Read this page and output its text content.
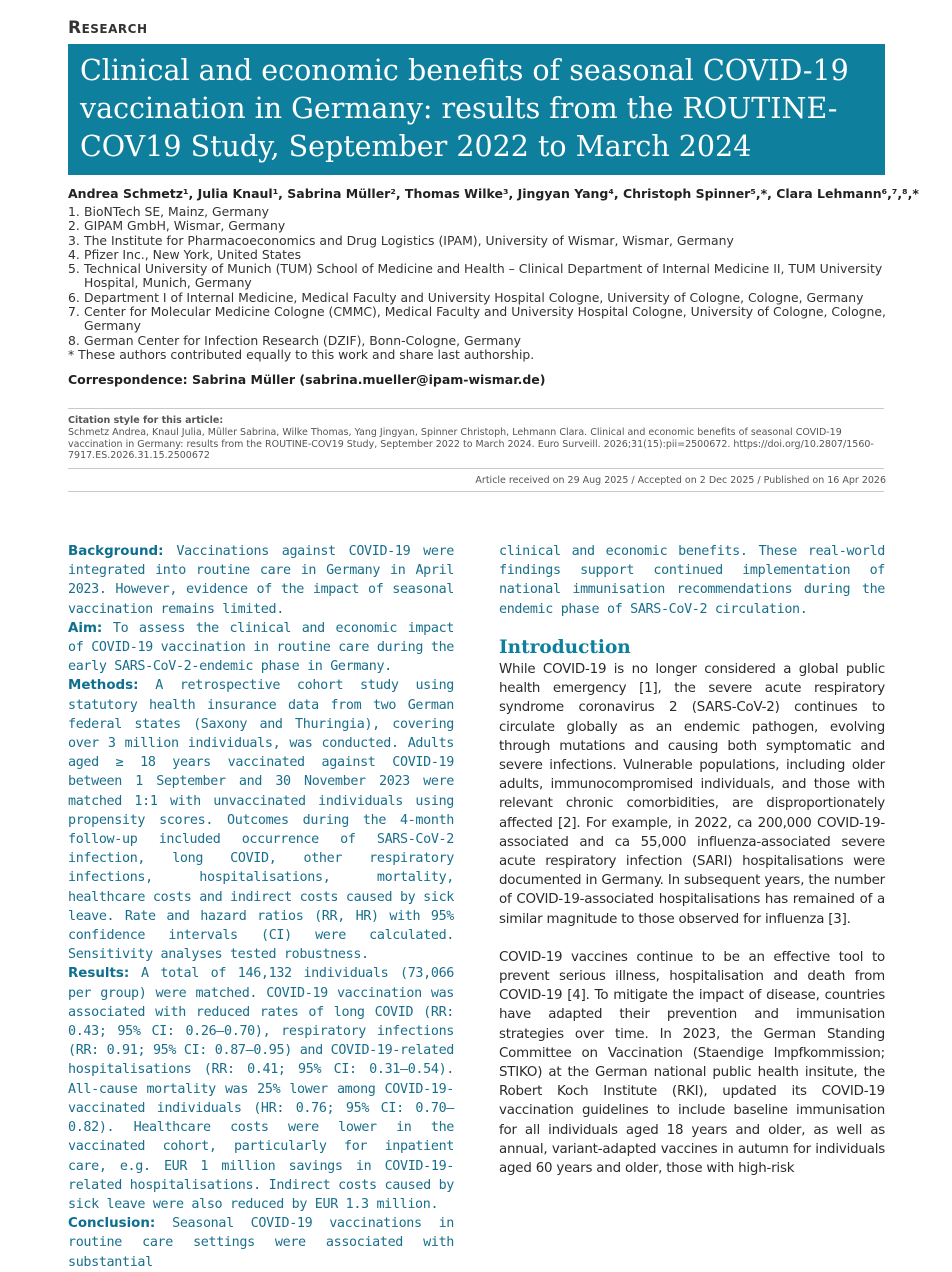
Research
Clinical and economic benefits of seasonal COVID-19 vaccination in Germany: results from the ROUTINE-COV19 Study, September 2022 to March 2024
Andrea Schmetz¹, Julia Knaul¹, Sabrina Müller², Thomas Wilke³, Jingyan Yang⁴, Christoph Spinner⁵,*, Clara Lehmann⁶,⁷,⁸,*
1. BioNTech SE, Mainz, Germany
2. GIPAM GmbH, Wismar, Germany
3. The Institute for Pharmacoeconomics and Drug Logistics (IPAM), University of Wismar, Wismar, Germany
4. Pfizer Inc., New York, United States
5. Technical University of Munich (TUM) School of Medicine and Health – Clinical Department of Internal Medicine II, TUM University Hospital, Munich, Germany
6. Department I of Internal Medicine, Medical Faculty and University Hospital Cologne, University of Cologne, Cologne, Germany
7. Center for Molecular Medicine Cologne (CMMC), Medical Faculty and University Hospital Cologne, University of Cologne, Cologne, Germany
8. German Center for Infection Research (DZIF), Bonn-Cologne, Germany
* These authors contributed equally to this work and share last authorship.
Correspondence: Sabrina Müller (sabrina.mueller@ipam-wismar.de)
Citation style for this article:
Schmetz Andrea, Knaul Julia, Müller Sabrina, Wilke Thomas, Yang Jingyan, Spinner Christoph, Lehmann Clara. Clinical and economic benefits of seasonal COVID-19 vaccination in Germany: results from the ROUTINE-COV19 Study, September 2022 to March 2024. Euro Surveill. 2026;31(15):pii=2500672. https://doi.org/10.2807/1560-7917.ES.2026.31.15.2500672
Article received on 29 Aug 2025 / Accepted on 2 Dec 2025 / Published on 16 Apr 2026

Background: Vaccinations against COVID-19 were integrated into routine care in Germany in April 2023. However, evidence of the impact of seasonal vaccination remains limited.

Aim: To assess the clinical and economic impact of COVID-19 vaccination in routine care during the early SARS-CoV-2-endemic phase in Germany.

Methods: A retrospective cohort study using statutory health insurance data from two German federal states (Saxony and Thuringia), covering over 3 million individuals, was conducted. Adults aged ≥ 18 years vaccinated against COVID-19 between 1 September and 30 November 2023 were matched 1:1 with unvaccinated individuals using propensity scores. Outcomes during the 4-month follow-up included occurrence of SARS-CoV-2 infection, long COVID, other respiratory infections, hospitalisations, mortality, healthcare costs and indirect costs caused by sick leave. Rate and hazard ratios (RR, HR) with 95% confidence intervals (CI) were calculated. Sensitivity analyses tested robustness.

Results: A total of 146,132 individuals (73,066 per group) were matched. COVID-19 vaccination was associated with reduced rates of long COVID (RR: 0.43; 95% CI: 0.26–0.70), respiratory infections (RR: 0.91; 95% CI: 0.87–0.95) and COVID-19-related hospitalisations (RR: 0.41; 95% CI: 0.31–0.54). All-cause mortality was 25% lower among COVID-19-vaccinated individuals (HR: 0.76; 95% CI: 0.70–0.82). Healthcare costs were lower in the vaccinated cohort, particularly for inpatient care, e.g. EUR 1 million savings in COVID-19-related hospitalisations. Indirect costs caused by sick leave were also reduced by EUR 1.3 million.

Conclusion: Seasonal COVID-19 vaccinations in routine care settings were associated with substantial

clinical and economic benefits. These real-world findings support continued implementation of national immunisation recommendations during the endemic phase of SARS-CoV-2 circulation.

Introduction

While COVID-19 is no longer considered a global public health emergency [1], the severe acute respiratory syndrome coronavirus 2 (SARS-CoV-2) continues to circulate globally as an endemic pathogen, evolving through mutations and causing both symptomatic and severe infections. Vulnerable populations, including older adults, immunocompromised individuals, and those with relevant chronic comorbidities, are disproportionately affected [2]. For example, in 2022, ca 200,000 COVID-19-associated and ca 55,000 influenza-associated severe acute respiratory infection (SARI) hospitalisations were documented in Germany. In subsequent years, the number of COVID-19-associated hospitalisations has remained of a similar magnitude to those observed for influenza [3].

COVID-19 vaccines continue to be an effective tool to prevent serious illness, hospitalisation and death from COVID-19 [4]. To mitigate the impact of disease, countries have adapted their prevention and immunisation strategies over time. In 2023, the German Standing Committee on Vaccination (Staendige Impfkommission; STIKO) at the German national public health insitute, the Robert Koch Institute (RKI), updated its COVID-19 vaccination guidelines to include baseline immunisation for all individuals aged 18 years and older, as well as annual, variant-adapted vaccines in autumn for individuals aged 60 years and older, those with high-risk
